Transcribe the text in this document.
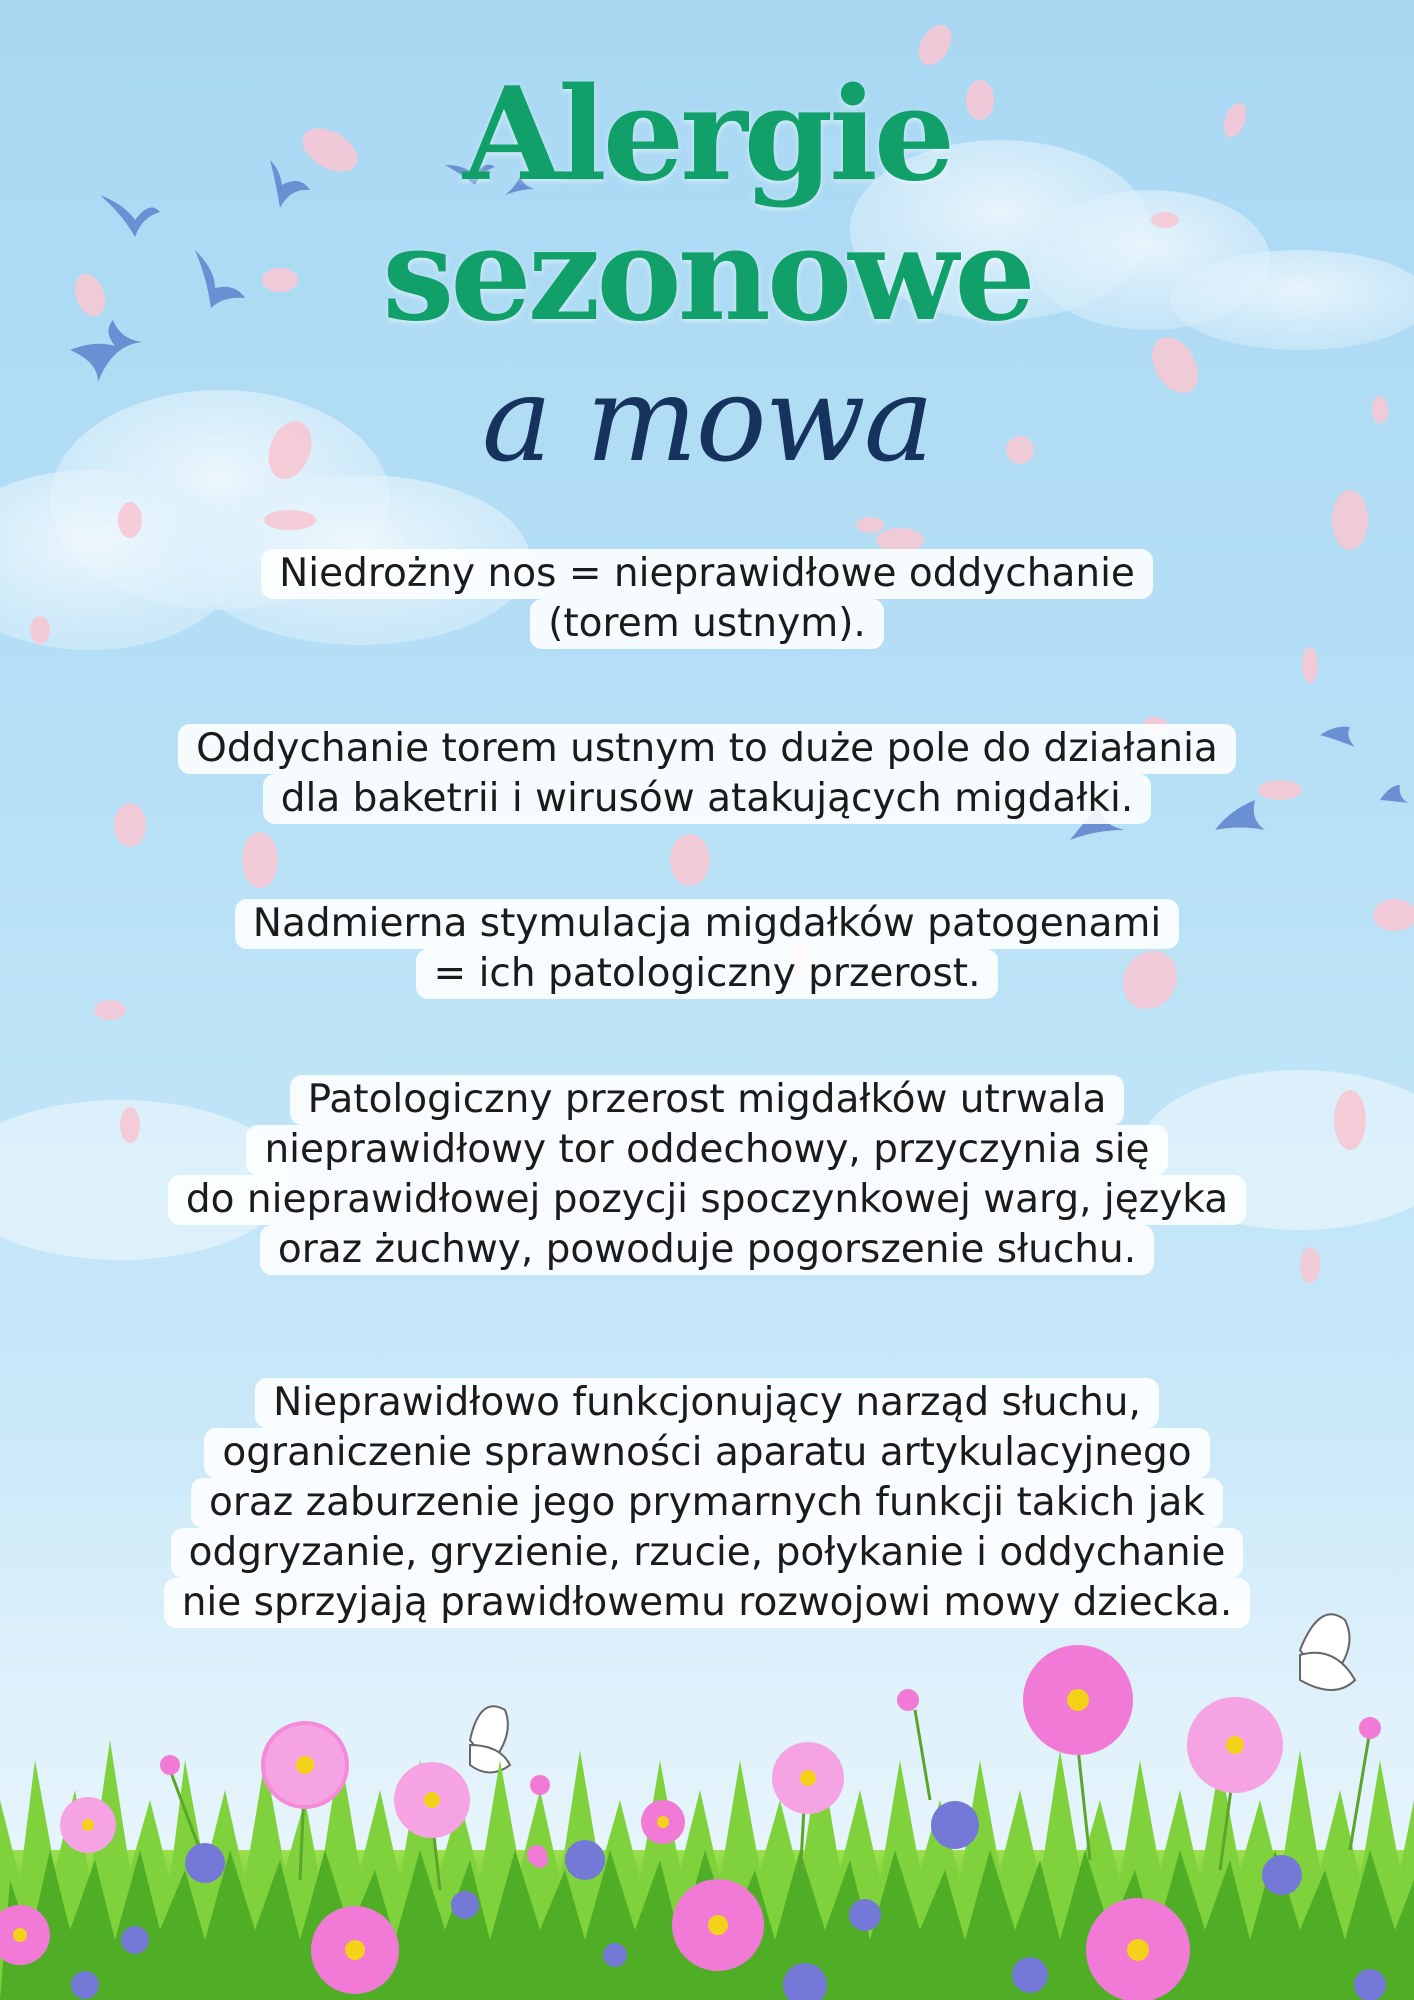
Alergie
sezonowe
a mowa
Niedrożny nos = nieprawidłowe oddychanie
(torem ustnym).
Oddychanie torem ustnym to duże pole do działania
dla baketrii i wirusów atakujących migdałki.
Nadmierna stymulacja migdałków patogenami
= ich patologiczny przerost.
Patologiczny przerost migdałków utrwala
nieprawidłowy tor oddechowy, przyczynia się
do nieprawidłowej pozycji spoczynkowej warg, języka
oraz żuchwy, powoduje pogorszenie słuchu.
Nieprawidłowo funkcjonujący narząd słuchu,
ograniczenie sprawności aparatu artykulacyjnego
oraz zaburzenie jego prymarnych funkcji takich jak
odgryzanie, gryzienie, rzucie, połykanie i oddychanie
nie sprzyjają prawidłowemu rozwojowi mowy dziecka.
